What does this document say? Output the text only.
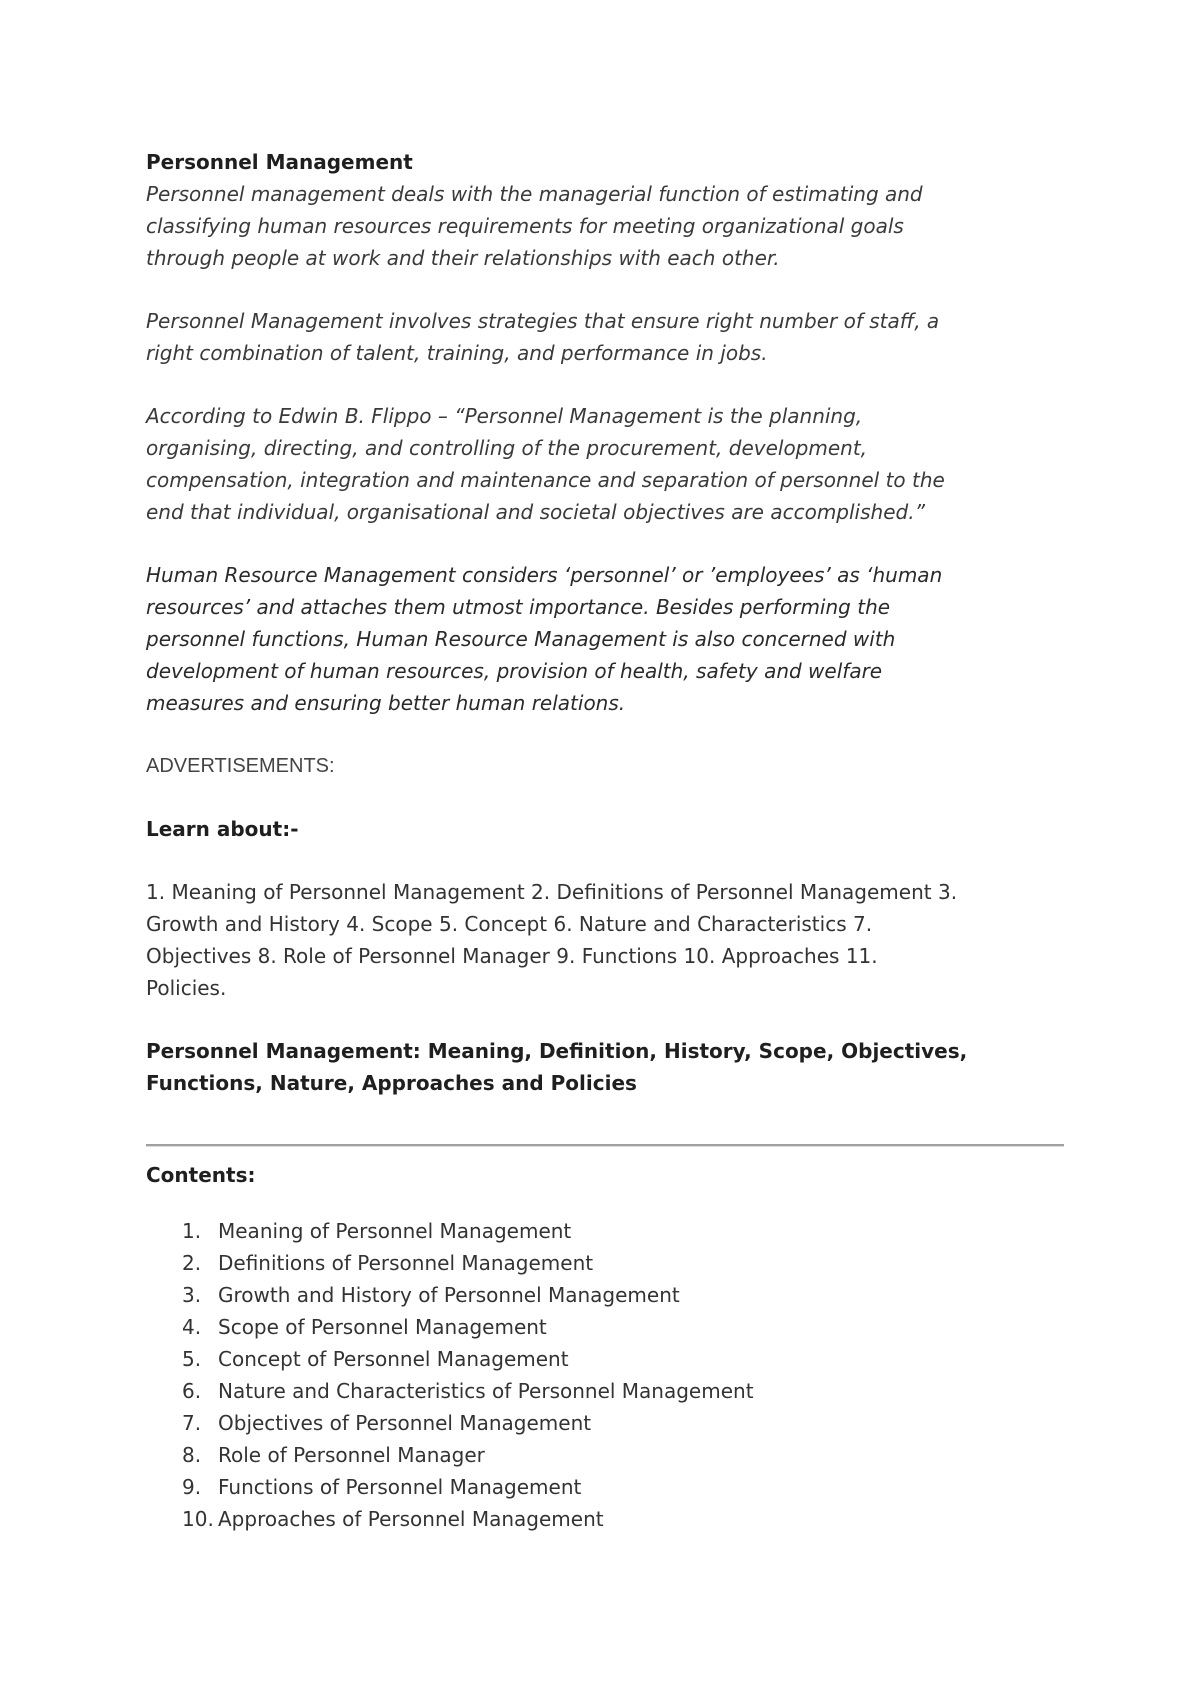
Personnel Management

Personnel management deals with the managerial function of estimating and

classifying human resources requirements for meeting organizational goals

through people at work and their relationships with each other.

Personnel Management involves strategies that ensure right number of staff, a

right combination of talent, training, and performance in jobs.

According to Edwin B. Flippo – “Personnel Management is the planning,

organising, directing, and controlling of the procurement, development,

compensation, integration and maintenance and separation of personnel to the

end that individual, organisational and societal objectives are accomplished.”

Human Resource Management considers ‘personnel’ or ’employees’ as ‘human

resources’ and attaches them utmost importance. Besides performing the

personnel functions, Human Resource Management is also concerned with

development of human resources, provision of health, safety and welfare

measures and ensuring better human relations.

ADVERTISEMENTS:

Learn about:-

1. Meaning of Personnel Management 2. Definitions of Personnel Management 3.

Growth and History 4. Scope 5. Concept 6. Nature and Characteristics 7.

Objectives 8. Role of Personnel Manager 9. Functions 10. Approaches 11.

Policies.

Personnel Management: Meaning, Definition, History, Scope, Objectives,

Functions, Nature, Approaches and Policies

Contents:

1. Meaning of Personnel Management
2. Definitions of Personnel Management
3. Growth and History of Personnel Management
4. Scope of Personnel Management
5. Concept of Personnel Management
6. Nature and Characteristics of Personnel Management
7. Objectives of Personnel Management
8. Role of Personnel Manager
9. Functions of Personnel Management
10. Approaches of Personnel Management
